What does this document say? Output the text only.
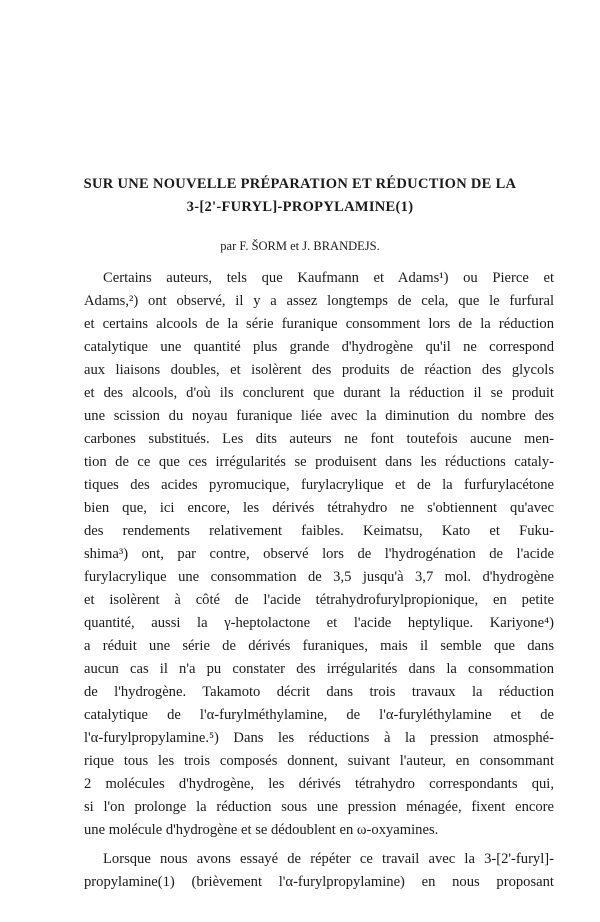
SUR UNE NOUVELLE PRÉPARATION ET RÉDUCTION DE LA
3-[2'-FURYL]-PROPYLAMINE(1)
par F. ŠORM et J. BRANDEJS.
Certains auteurs, tels que Kaufmann et Adams¹) ou Pierce et
Adams,²) ont observé, il y a assez longtemps de cela, que le furfural
et certains alcools de la série furanique consomment lors de la réduction
catalytique une quantité plus grande d'hydrogène qu'il ne correspond
aux liaisons doubles, et isolèrent des produits de réaction des glycols
et des alcools, d'où ils conclurent que durant la réduction il se produit
une scission du noyau furanique liée avec la diminution du nombre des
carbones substitués. Les dits auteurs ne font toutefois aucune men-
tion de ce que ces irrégularités se produisent dans les réductions cataly-
tiques des acides pyromucique, furylacrylique et de la furfurylacétone
bien que, ici encore, les dérivés tétrahydro ne s'obtiennent qu'avec
des rendements relativement faibles. Keimatsu, Kato et Fuku-
shima³) ont, par contre, observé lors de l'hydrogénation de l'acide
furylacrylique une consommation de 3,5 jusqu'à 3,7 mol. d'hydrogène
et isolèrent à côté de l'acide tétrahydrofurylpropionique, en petite
quantité, aussi la γ-heptolactone et l'acide heptylique. Kariyone⁴)
a réduit une série de dérivés furaniques, mais il semble que dans
aucun cas il n'a pu constater des irrégularités dans la consommation
de l'hydrogène. Takamoto décrit dans trois travaux la réduction
catalytique de l'α-furylméthylamine, de l'α-furyléthylamine et de
l'α-furylpropylamine.⁵) Dans les réductions à la pression atmosphé-
rique tous les trois composés donnent, suivant l'auteur, en consommant
2 molécules d'hydrogène, les dérivés tétrahydro correspondants qui,
si l'on prolonge la réduction sous une pression ménagée, fixent encore
une molécule d'hydrogène et se dédoublent en ω-oxyamines.
Lorsque nous avons essayé de répéter ce travail avec la 3-[2'-furyl]-
propylamine(1) (brièvement l'α-furylpropylamine) en nous proposant
